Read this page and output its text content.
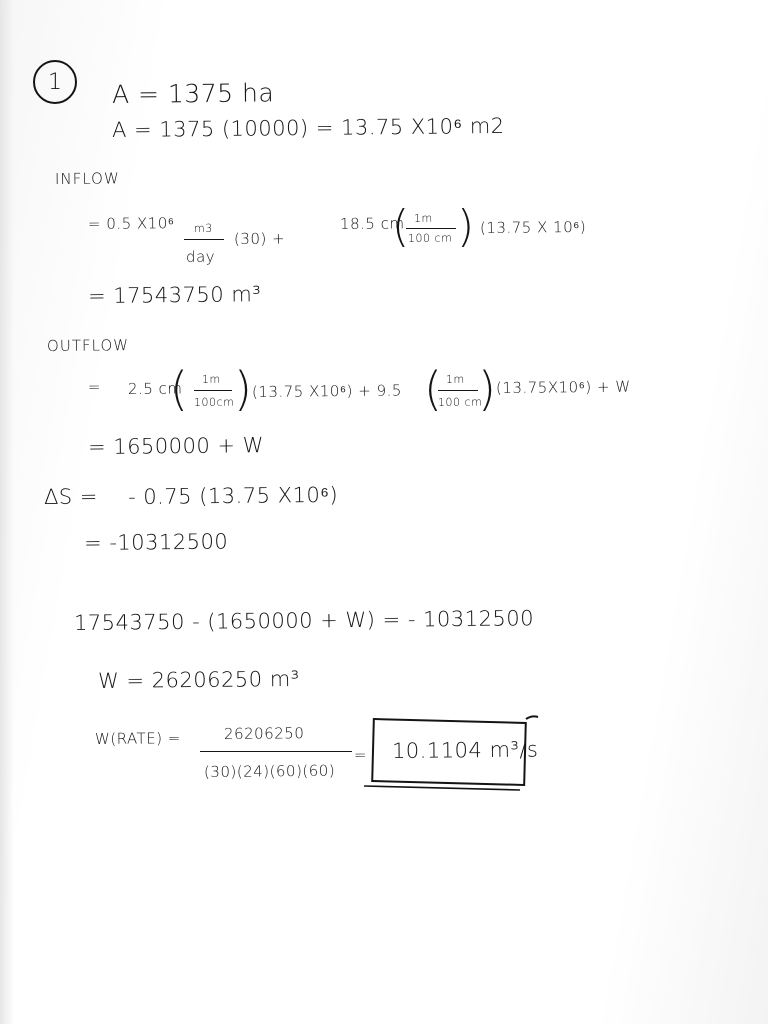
1 A = 1375 ha
A = 1375 (10000) = 13.75 X10⁶ m2
INFLOW
= 0.5 X10⁶ m3
day
(30) +
18.5 cm
( 1m
100 cm ) (13.75 X 10⁶)
= 17543750 m³
OUTFLOW
= 2.5 cm
( 1m
100cm ) (13.75 X10⁶) + 9.5 ( 1m
100 cm
) (13.75X10⁶) + W
= 1650000 + W
ΔS = - 0.75 (13.75 X10⁶)
= -10312500
17543750 - (1650000 + W) = - 10312500
W = 26206250 m³
W(RATE) =	26206250
(30)(24)(60)(60)
= 10.1104 m³/s
